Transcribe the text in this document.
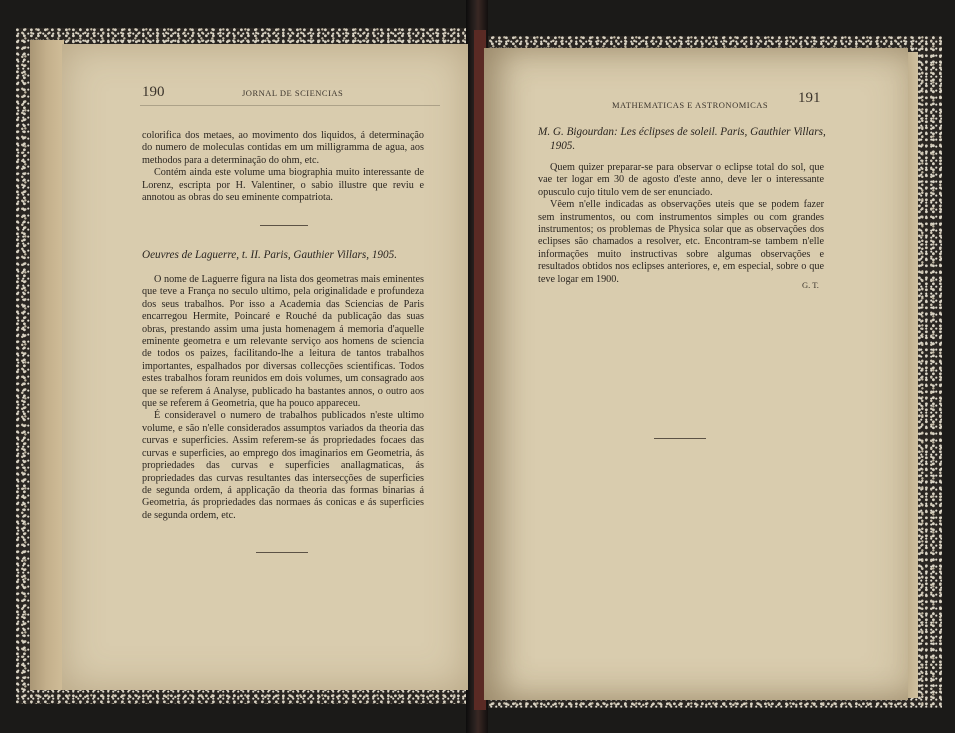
190	JORNAL DE SCIENCIAS

colorifica dos metaes, ao movimento dos liquidos, á determinação do numero de moleculas contidas em um milligramma de agua, aos methodos para a determinação do ohm, etc.

Contém ainda este volume uma biographia muito interessante de Lorenz, escripta por H. Valentiner, o sabio illustre que reviu e annotou as obras do seu eminente compatriota.

Oeuvres de Laguerre, t. II. Paris, Gauthier Villars, 1905.

O nome de Laguerre figura na lista dos geometras mais eminentes que teve a França no seculo ultimo, pela originalidade e profundeza dos seus trabalhos. Por isso a Academia das Sciencias de Paris encarregou Hermite, Poincaré e Rouché da publicação das suas obras, prestando assim uma justa homenagem á memoria d'aquelle eminente geometra e um relevante serviço aos homens de sciencia de todos os paizes, facilitando-lhe a leitura de tantos trabalhos importantes, espalhados por diversas collecções scientificas. Todos estes trabalhos foram reunidos em dois volumes, um consagrado aos que se referem á Analyse, publicado ha bastantes annos, o outro aos que se referem á Geometria, que ha pouco appareceu.

É consideravel o numero de trabalhos publicados n'este ultimo volume, e são n'elle considerados assumptos variados da theoria das curvas e superficies. Assim referem-se ás propriedades focaes das curvas e superficies, ao emprego dos imaginarios em Geometria, ás propriedades das curvas e superficies anallagmaticas, ás propriedades das curvas resultantes das intersecções de superficies de segunda ordem, á applicação da theoria das formas binarias á Geometria, ás propriedades das normaes ás conicas e ás superficies de segunda ordem, etc.

MATHEMATICAS E ASTRONOMICAS 191
M. G. Bigourdan: Les éclipses de soleil. Paris, Gauthier Villars,
1905.

Quem quizer preparar-se para observar o eclipse total do sol, que vae ter logar em 30 de agosto d'este anno, deve ler o interessante opusculo cujo titulo vem de ser enunciado.

Vêem n'elle indicadas as observações uteis que se podem fazer sem instrumentos, ou com instrumentos simples ou com grandes instrumentos; os problemas de Physica solar que as observações dos eclipses são chamados a resolver, etc. Encontram-se tambem n'elle informações muito instructivas sobre algumas observações e resultados obtidos nos eclipses anteriores, e, em especial, sobre o que teve logar em 1900.

G. T.
